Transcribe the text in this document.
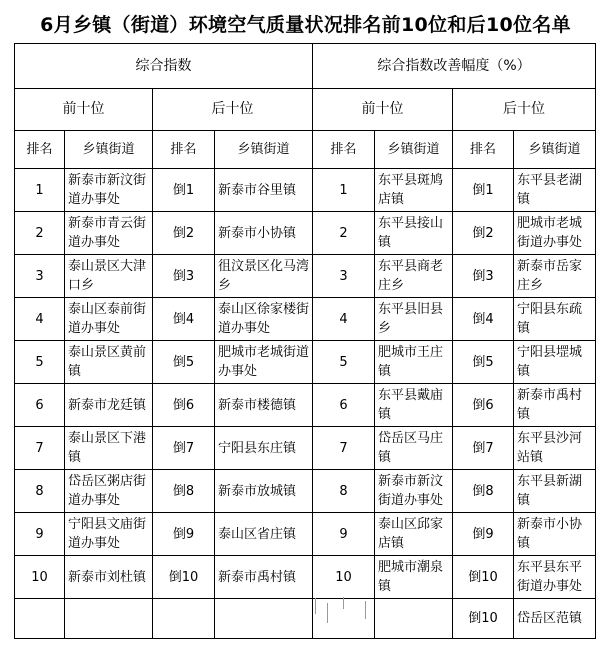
6月乡镇（街道）环境空气质量状况排名前10位和后10位名单
综合指数				综合指数改善幅度（%）			
前十位		后十位		前十位		后十位	
排名	乡镇街道	排名	乡镇街道	排名	乡镇街道	排名	乡镇街道
1	新泰市新汶街道办事处	倒1	新泰市谷里镇	1	东平县斑鸠店镇	倒1	东平县老湖镇
2	新泰市青云街道办事处	倒2	新泰市小协镇	2	东平县接山镇	倒2	肥城市老城街道办事处
3	泰山景区大津口乡	倒3	徂汶景区化马湾乡	3	东平县商老庄乡	倒3	新泰市岳家庄乡
4	泰山区泰前街道办事处	倒4	泰山区徐家楼街道办事处	4	东平县旧县乡	倒4	宁阳县东疏镇
5	泰山景区黄前镇	倒5	肥城市老城街道办事处	5	肥城市王庄镇	倒5	宁阳县堽城镇
6	新泰市龙廷镇	倒6	新泰市楼德镇	6	东平县戴庙镇	倒6	新泰市禹村镇
7	泰山景区下港镇	倒7	宁阳县东庄镇	7	岱岳区马庄镇	倒7	东平县沙河站镇
8	岱岳区粥店街道办事处	倒8	新泰市放城镇	8	新泰市新汶街道办事处	倒8	东平县新湖镇
9	宁阳县文庙街道办事处	倒9	泰山区省庄镇	9	泰山区邱家店镇	倒9	新泰市小协镇
10	新泰市刘杜镇	倒10	新泰市禹村镇	10	肥城市潮泉镇	倒10	东平县东平街道办事处
						倒10	岱岳区范镇
